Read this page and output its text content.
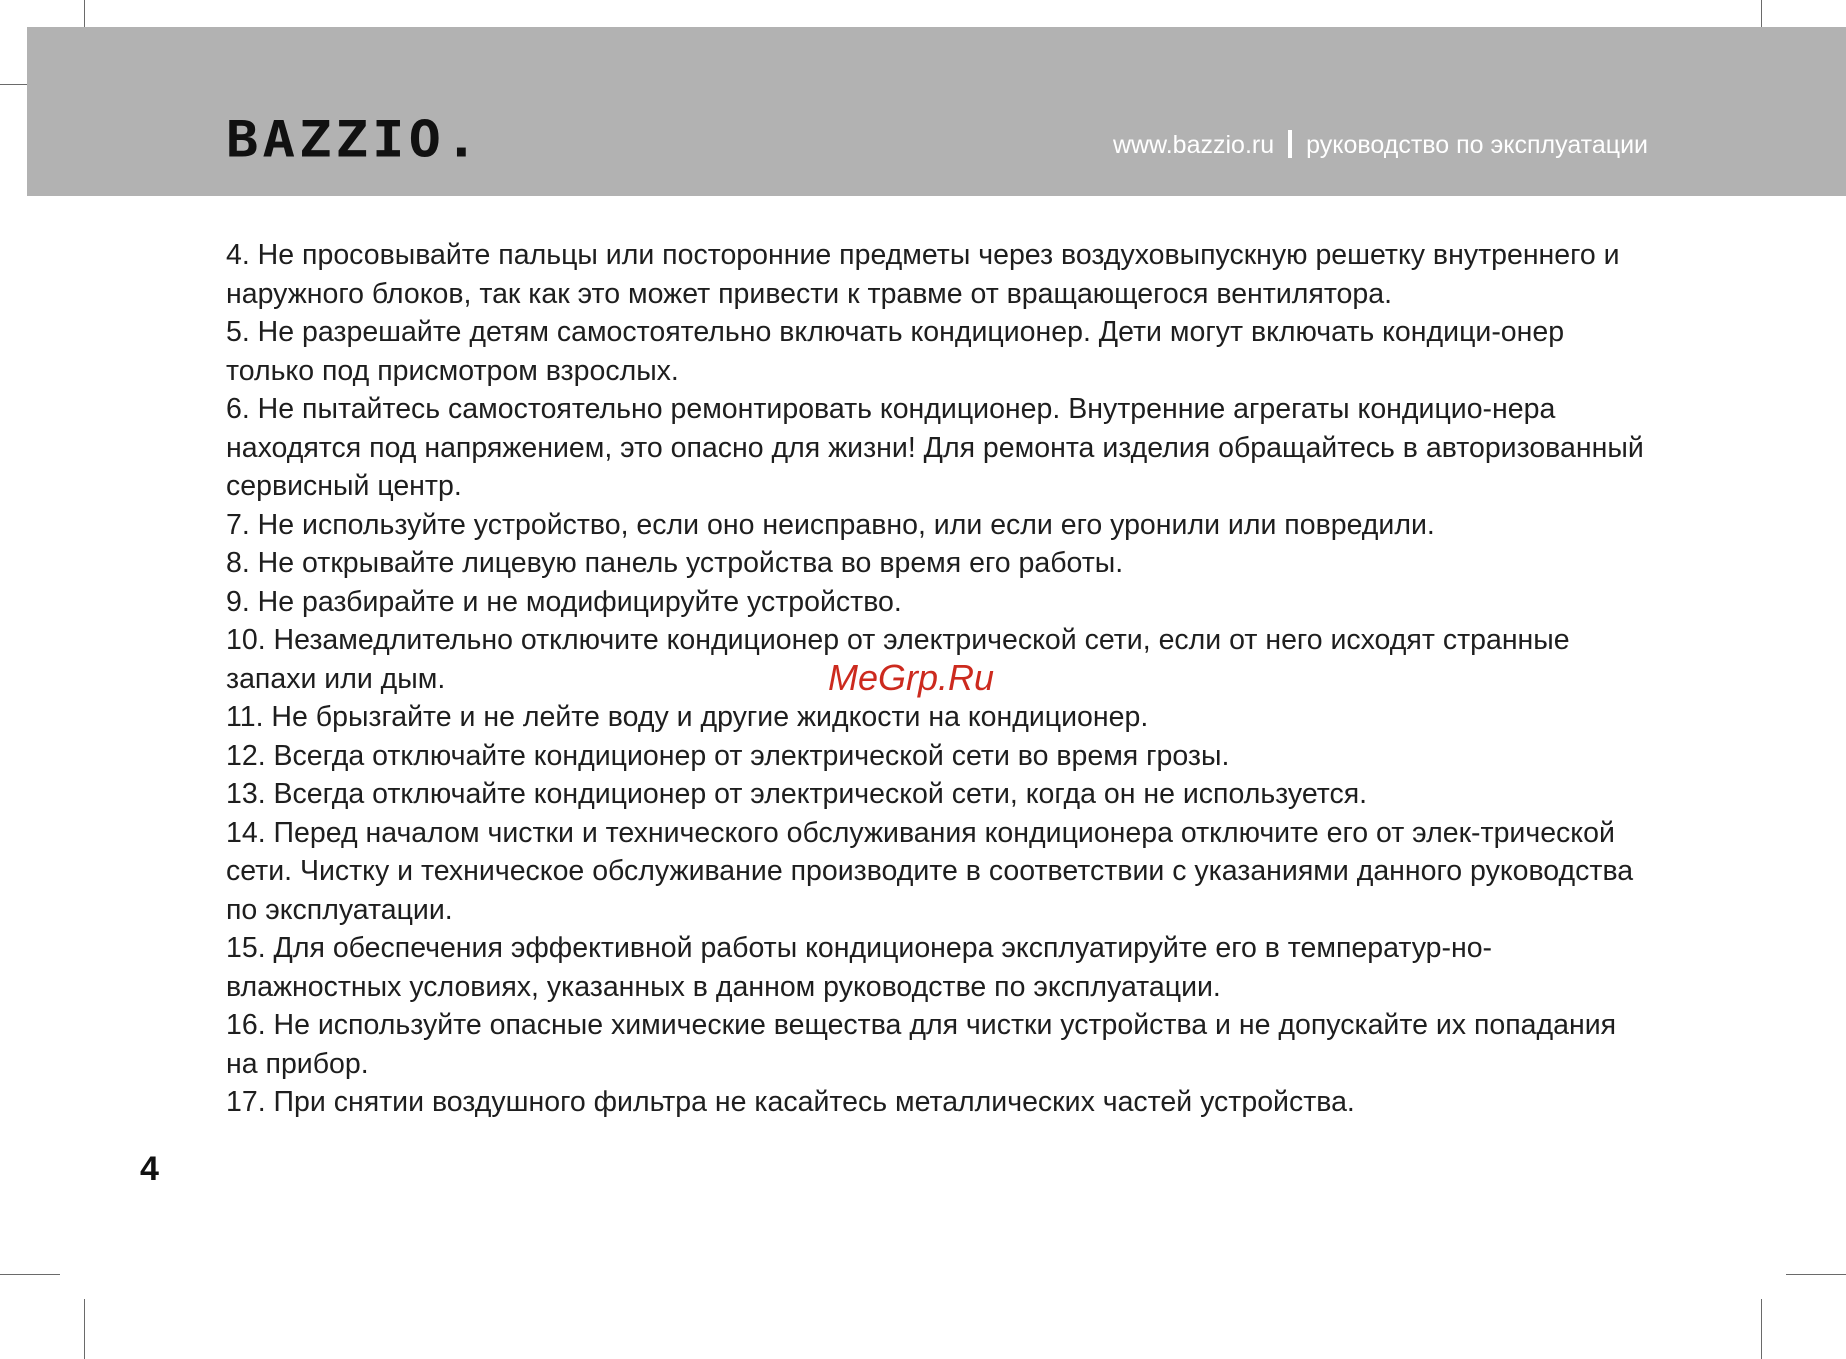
BAZZIO.	www.bazzio.ru руководство по эксплуатации

4. Не просовывайте пальцы или посторонние предметы через воздуховыпускную решетку внутреннего и наружного блоков, так как это может привести к травме от вращающегося вентилятора.

5. Не разрешайте детям самостоятельно включать кондиционер. Дети могут включать кондици-онер только под присмотром взрослых.

6. Не пытайтесь самостоятельно ремонтировать кондиционер. Внутренние агрегаты кондицио-нера находятся под напряжением, это опасно для жизни! Для ремонта изделия обращайтесь в авторизованный сервисный центр.

7. Не используйте устройство, если оно неисправно, или если его уронили или повредили.

8. Не открывайте лицевую панель устройства во время его работы.

9. Не разбирайте и не модифицируйте устройство.

10. Незамедлительно отключите кондиционер от электрической сети, если от него исходят странные запахи или дым.

11. Не брызгайте и не лейте воду и другие жидкости на кондиционер.

12. Всегда отключайте кондиционер от электрической сети во время грозы.

13. Всегда отключайте кондиционер от электрической сети, когда он не используется.

14. Перед началом чистки и технического обслуживания кондиционера отключите его от элек-трической сети. Чистку и техническое обслуживание производите в соответствии с указаниями данного руководства по эксплуатации.

15. Для обеспечения эффективной работы кондиционера эксплуатируйте его в температур-но-влажностных условиях, указанных в данном руководстве по эксплуатации.

16. Не используйте опасные химические вещества для чистки устройства и не допускайте их попадания на прибор.

17. При снятии воздушного фильтра не касайтесь металлических частей устройства.

MeGrp.Ru
4
